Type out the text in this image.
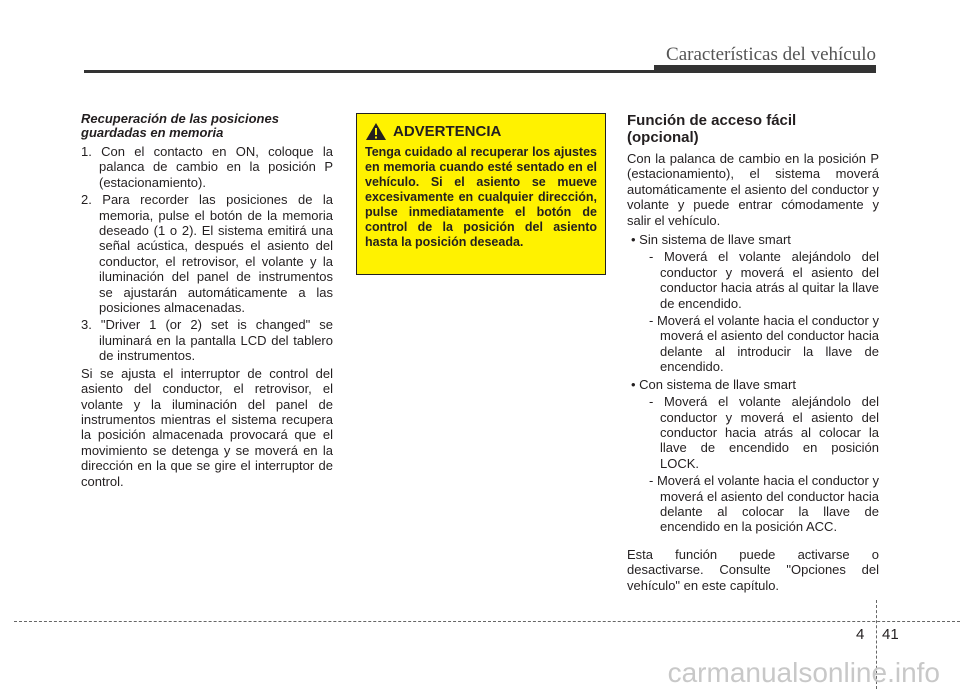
Características del vehículo
Recuperación de las posiciones
guardadas en memoria
1. Con el contacto en ON, coloque la palanca de cambio en la posición P (estacionamiento).
2. Para recorder las posiciones de la memoria, pulse el botón de la memoria deseado (1 o 2). El sistema emitirá una señal acústica, después el asiento del conductor, el retrovisor, el volante y la iluminación del panel de instrumentos se ajustarán automáticamente a las posiciones almacenadas.
3. "Driver 1 (or 2) set is changed" se iluminará en la pantalla LCD del tablero de instrumentos.

Si se ajusta el interruptor de control del asiento del conductor, el retrovisor, el volante y la iluminación del panel de instrumentos mientras el sistema recupera la posición almacenada provocará que el movimiento se detenga y se moverá en la dirección en la que se gire el interruptor de control.

ADVERTENCIA
Tenga cuidado al recuperar los ajustes en memoria cuando esté sentado en el vehículo. Si el asiento se mueve excesivamente en cualquier dirección, pulse inmediatamente el botón de control de la posición del asiento hasta la posición deseada.
Función de acceso fácil
(opcional)

Con la palanca de cambio en la posición P (estacionamiento), el sistema moverá automáticamente el asiento del conductor y volante y puede entrar cómodamente y salir el vehículo.

• Sin sistema de llave smart
- Moverá el volante alejándolo del conductor y moverá el asiento del conductor hacia atrás al quitar la llave de encendido.
- Moverá el volante hacia el conductor y moverá el asiento del conductor hacia delante al introducir la llave de encendido.
• Con sistema de llave smart
- Moverá el volante alejándolo del conductor y moverá el asiento del conductor hacia atrás al colocar la llave de encendido en posición LOCK.
- Moverá el volante hacia el conductor y moverá el asiento del conductor hacia delante al colocar la llave de encendido en la posición ACC.

Esta función puede activarse o desactivarse. Consulte "Opciones del vehículo" en este capítulo.

4 41
carmanualsonline.info
